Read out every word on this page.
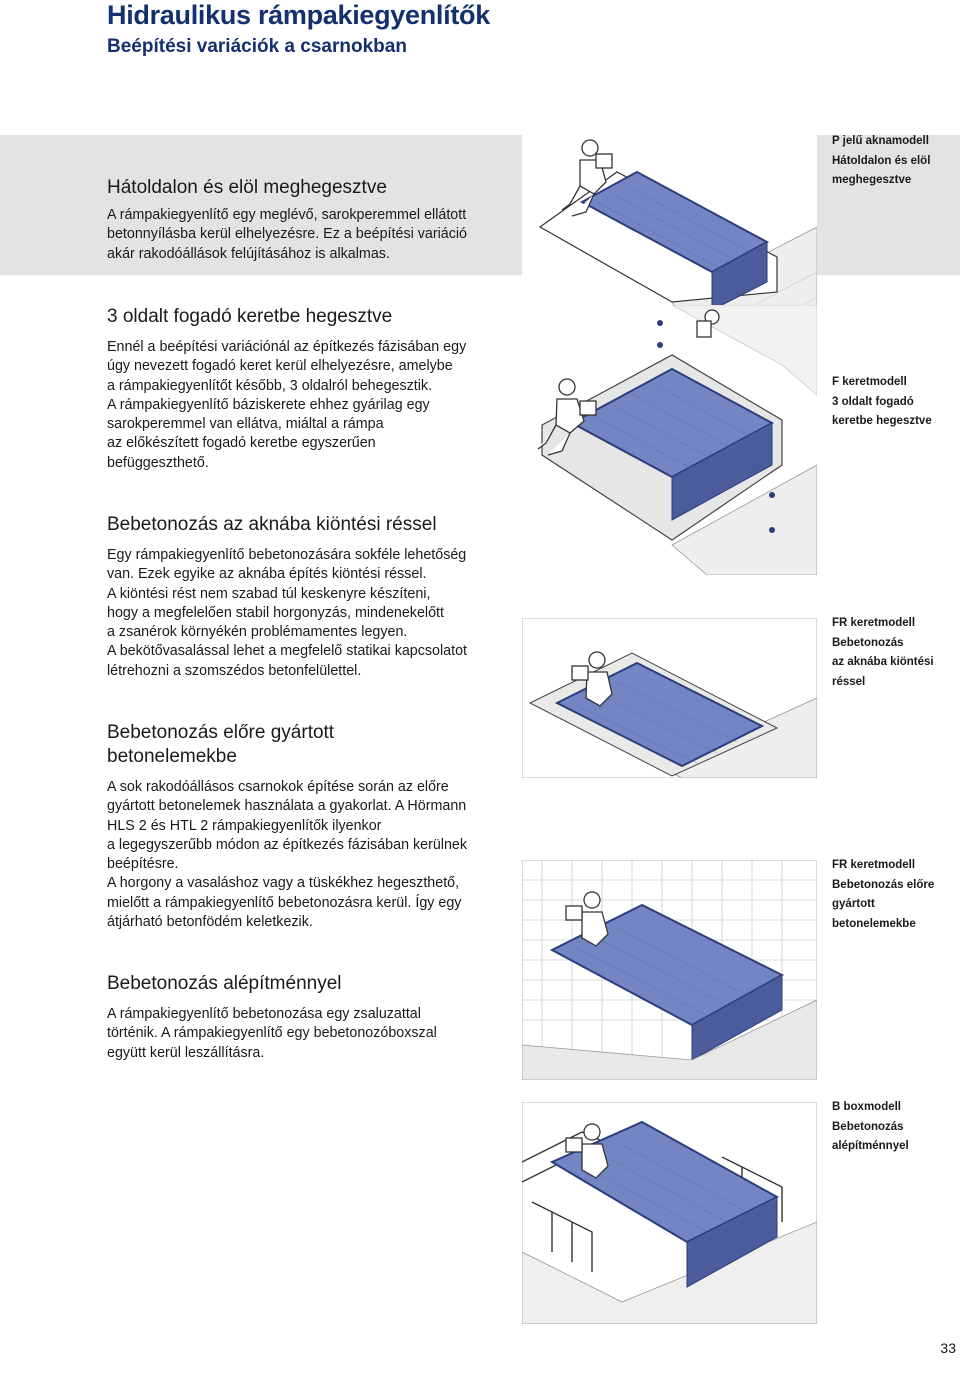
Hidraulikus rámpakiegyenlítők
Beépítési variációk a csarnokban
Hátoldalon és elöl meghegesztve
A rámpakiegyenlítő egy meglévő, sarokperemmel ellátott
betonnyílásba kerül elhelyezésre. Ez a beépítési variáció
akár rakodóállások felújításához is alkalmas.
3 oldalt fogadó keretbe hegesztve
Ennél a beépítési variációnál az építkezés fázisában egy
úgy nevezett fogadó keret kerül elhelyezésre, amelybe
a rámpakiegyenlítőt később, 3 oldalról behegesztik.
A rámpakiegyenlítő báziskerete ehhez gyárilag egy
sarokperemmel van ellátva, miáltal a rámpa
az előkészített fogadó keretbe egyszerűen
befüggeszthető.
Bebetonozás az aknába kiöntési réssel
Egy rámpakiegyenlítő bebetonozására sokféle lehetőség
van. Ezek egyike az aknába építés kiöntési réssel.
A kiöntési rést nem szabad túl keskenyre készíteni,
hogy a megfelelően stabil horgonyzás, mindenekelőtt
a zsanérok környékén problémamentes legyen.
A bekötővasalással lehet a megfelelő statikai kapcsolatot
létrehozni a szomszédos betonfelülettel.
Bebetonozás előre gyártott
betonelemekbe
A sok rakodóállásos csarnokok építése során az előre
gyártott betonelemek használata a gyakorlat. A Hörmann
HLS 2 és HTL 2 rámpakiegyenlítők ilyenkor
a legegyszerűbb módon az építkezés fázisában kerülnek
beépítésre.
A horgony a vasaláshoz vagy a tüskékhez hegeszthető,
mielőtt a rámpakiegyenlítő bebetonozásra kerül. Így egy
átjárható betonfödém keletkezik.
Bebetonozás alépítménnyel
A rámpakiegyenlítő bebetonozása egy zsaluzattal
történik. A rámpakiegyenlítő egy bebetonozóboxszal
együtt kerül leszállításra.
P jelű aknamodell
Hátoldalon és elöl
meghegesztve
F keretmodell
3 oldalt fogadó
keretbe hegesztve
FR keretmodell
Bebetonozás
az aknába kiöntési
réssel
FR keretmodell
Bebetonozás előre
gyártott
betonelemekbe
B boxmodell
Bebetonozás
alépítménnyel
33
